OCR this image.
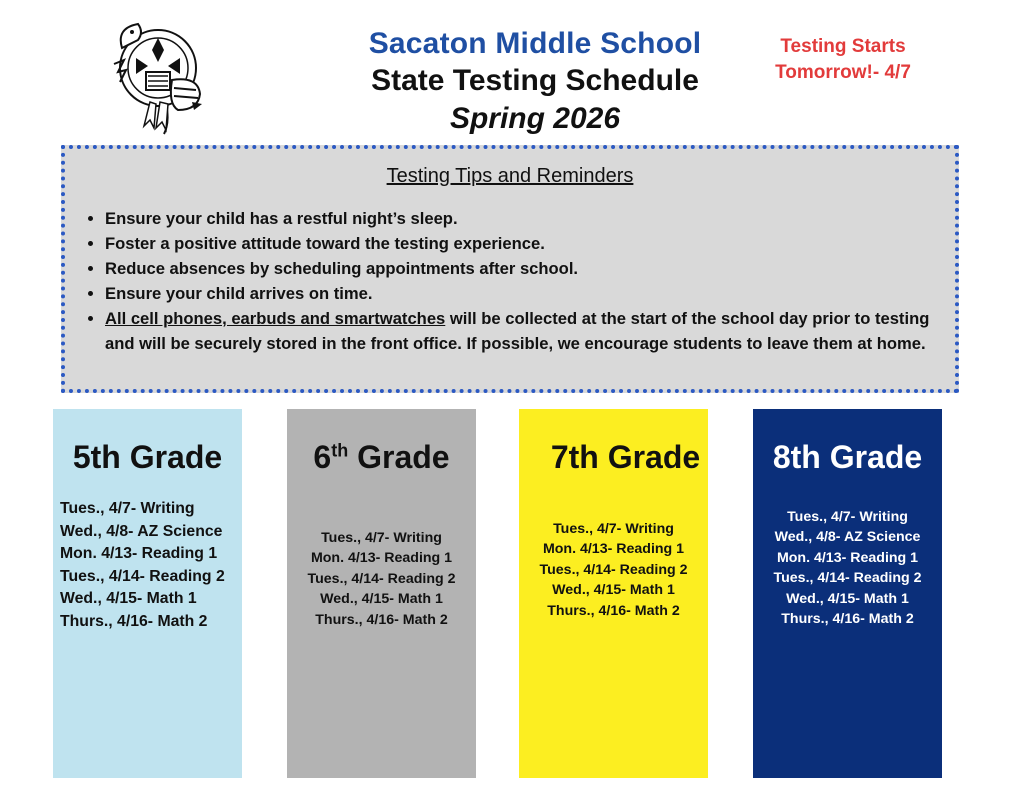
Sacaton Middle School
State Testing Schedule
Spring 2026
Testing Starts
Tomorrow!- 4/7
Testing Tips and Reminders
• Ensure your child has a restful night’s sleep.
• Foster a positive attitude toward the testing experience.
• Reduce absences by scheduling appointments after school.
• Ensure your child arrives on time.
• All cell phones, earbuds and smartwatches will be collected at the start of the school day prior to testing and will be securely stored in the front office. If possible, we encourage students to leave them at home.
5th Grade
Tues., 4/7- Writing
Wed., 4/8- AZ Science
Mon. 4/13- Reading 1
Tues., 4/14- Reading 2
Wed., 4/15- Math 1
Thurs., 4/16- Math 2
6th Grade
Tues., 4/7- Writing
Mon. 4/13- Reading 1
Tues., 4/14- Reading 2
Wed., 4/15- Math 1
Thurs., 4/16- Math 2
7th Grade
Tues., 4/7- Writing
Mon. 4/13- Reading 1
Tues., 4/14- Reading 2
Wed., 4/15- Math 1
Thurs., 4/16- Math 2
8th Grade
Tues., 4/7- Writing
Wed., 4/8- AZ Science
Mon. 4/13- Reading 1
Tues., 4/14- Reading 2
Wed., 4/15- Math 1
Thurs., 4/16- Math 2
